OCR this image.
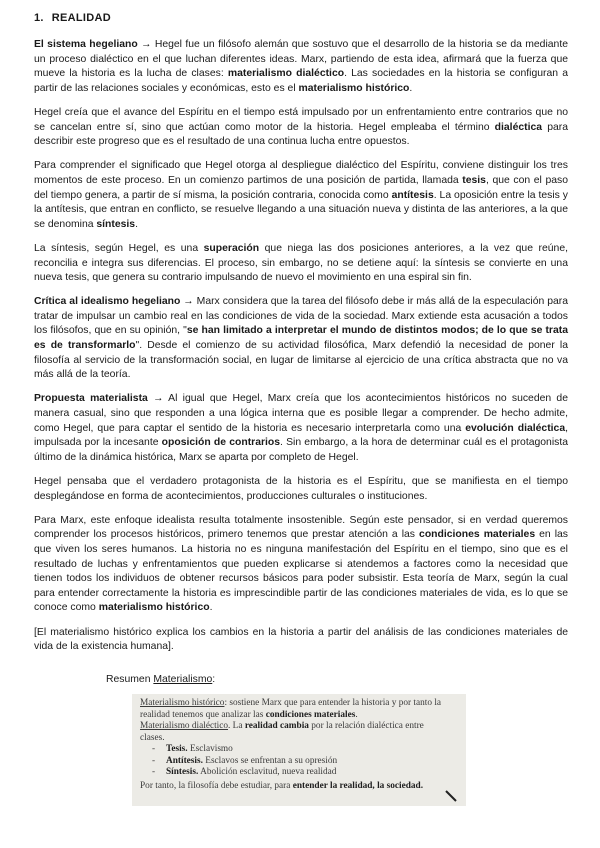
1. REALIDAD

El sistema hegeliano → Hegel fue un filósofo alemán que sostuvo que el desarrollo de la historia se da mediante un proceso dialéctico en el que luchan diferentes ideas. Marx, partiendo de esta idea, afirmará que la fuerza que mueve la historia es la lucha de clases: materialismo dialéctico. Las sociedades en la historia se configuran a partir de las relaciones sociales y económicas, esto es el materialismo histórico.

Hegel creía que el avance del Espíritu en el tiempo está impulsado por un enfrentamiento entre contrarios que no se cancelan entre sí, sino que actúan como motor de la historia. Hegel empleaba el término dialéctica para describir este progreso que es el resultado de una continua lucha entre opuestos.

Para comprender el significado que Hegel otorga al despliegue dialéctico del Espíritu, conviene distinguir los tres momentos de este proceso. En un comienzo partimos de una posición de partida, llamada tesis, que con el paso del tiempo genera, a partir de sí misma, la posición contraria, conocida como antítesis. La oposición entre la tesis y la antítesis, que entran en conflicto, se resuelve llegando a una situación nueva y distinta de las anteriores, a la que se denomina síntesis.

La síntesis, según Hegel, es una superación que niega las dos posiciones anteriores, a la vez que reúne, reconcilia e integra sus diferencias. El proceso, sin embargo, no se detiene aquí: la síntesis se convierte en una nueva tesis, que genera su contrario impulsando de nuevo el movimiento en una espiral sin fin.

Crítica al idealismo hegeliano → Marx considera que la tarea del filósofo debe ir más allá de la especulación para tratar de impulsar un cambio real en las condiciones de vida de la sociedad. Marx extiende esta acusación a todos los filósofos, que en su opinión, "se han limitado a interpretar el mundo de distintos modos; de lo que se trata es de transformarlo". Desde el comienzo de su actividad filosófica, Marx defendió la necesidad de poner la filosofía al servicio de la transformación social, en lugar de limitarse al ejercicio de una crítica abstracta que no va más allá de la teoría.

Propuesta materialista → Al igual que Hegel, Marx creía que los acontecimientos históricos no suceden de manera casual, sino que responden a una lógica interna que es posible llegar a comprender. De hecho admite, como Hegel, que para captar el sentido de la historia es necesario interpretarla como una evolución dialéctica, impulsada por la incesante oposición de contrarios. Sin embargo, a la hora de determinar cuál es el protagonista último de la dinámica histórica, Marx se aparta por completo de Hegel.

Hegel pensaba que el verdadero protagonista de la historia es el Espíritu, que se manifiesta en el tiempo desplegándose en forma de acontecimientos, producciones culturales o instituciones.

Para Marx, este enfoque idealista resulta totalmente insostenible. Según este pensador, si en verdad queremos comprender los procesos históricos, primero tenemos que prestar atención a las condiciones materiales en las que viven los seres humanos. La historia no es ninguna manifestación del Espíritu en el tiempo, sino que es el resultado de luchas y enfrentamientos que pueden explicarse si atendemos a factores como la necesidad que tienen todos los individuos de obtener recursos básicos para poder subsistir. Esta teoría de Marx, según la cual para entender correctamente la historia es imprescindible partir de las condiciones materiales de vida, es lo que se conoce como materialismo histórico.

[El materialismo histórico explica los cambios en la historia a partir del análisis de las condiciones materiales de vida de la existencia humana].

Resumen Materialismo:
Materialismo histórico: sostiene Marx que para entender la historia y por tanto la
realidad tenemos que analizar las condiciones materiales.
Materialismo dialéctico. La realidad cambia por la relación dialéctica entre
clases.
- Tesis. Esclavismo
- Antítesis. Esclavos se enfrentan a su opresión
- Síntesis. Abolición esclavitud, nueva realidad
Por tanto, la filosofía debe estudiar, para entender la realidad, la sociedad.
